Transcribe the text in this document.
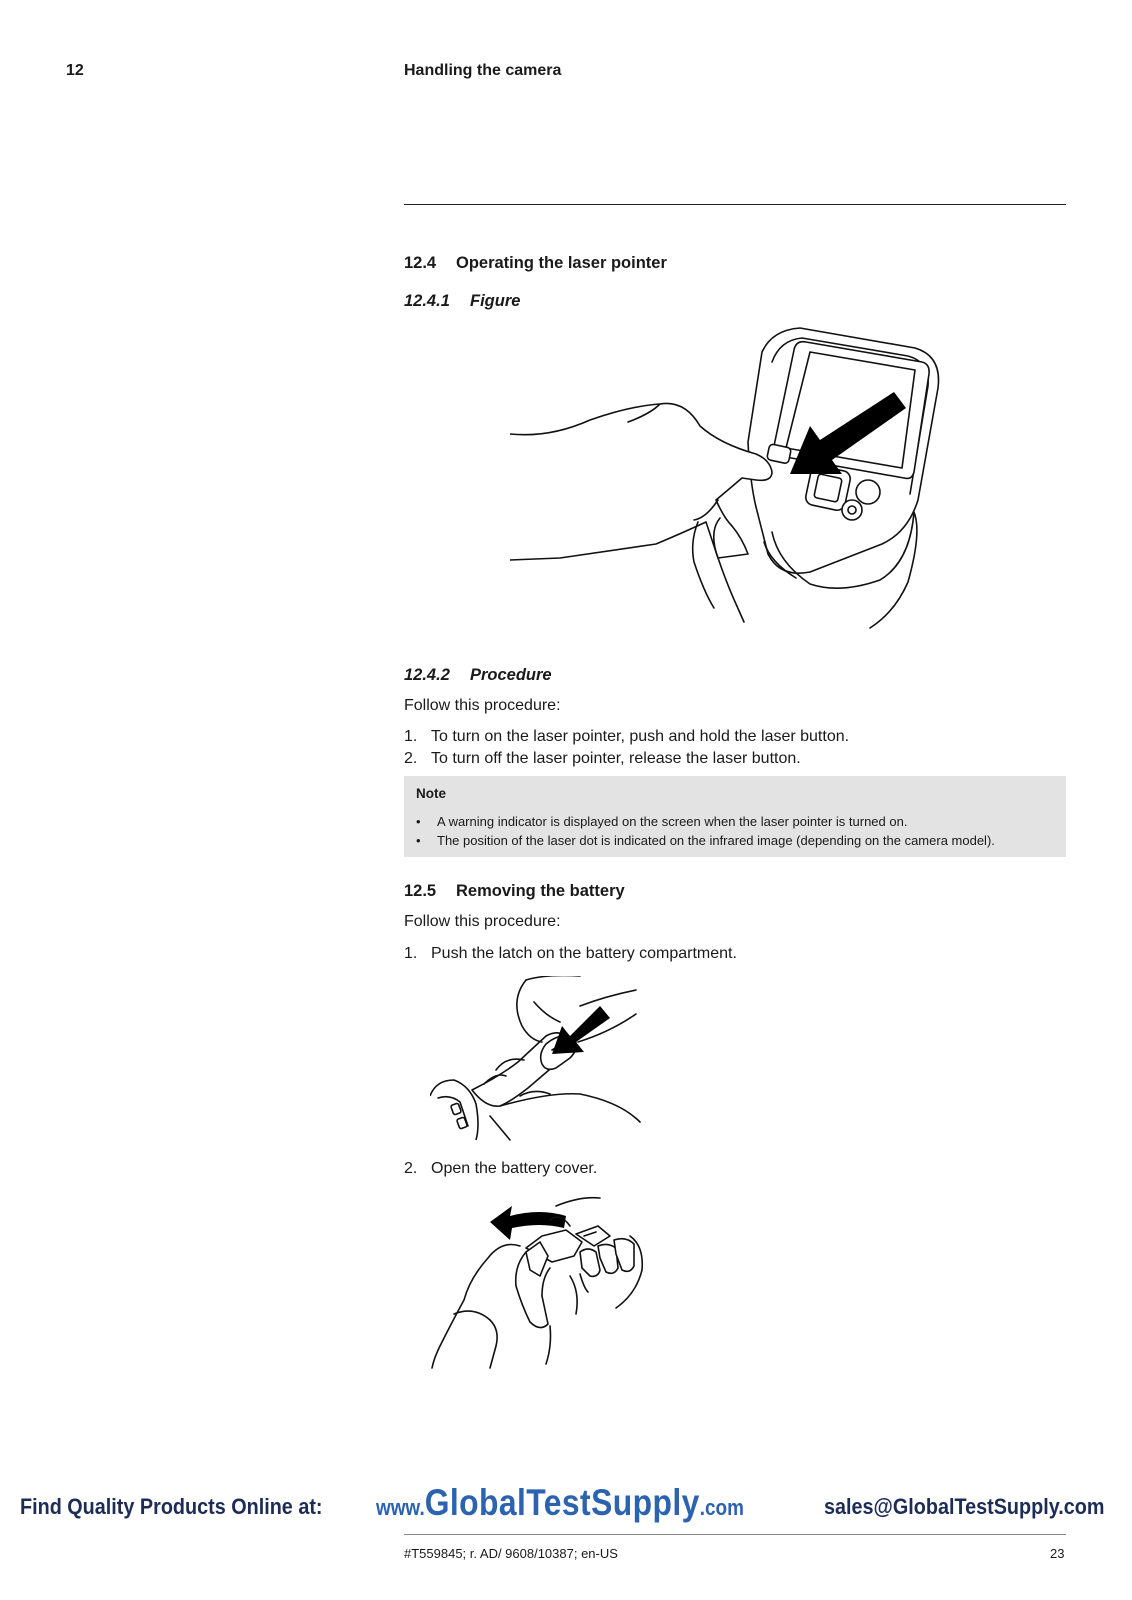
12	Handling the camera
12.4 Operating the laser pointer
12.4.1 Figure
12.4.2 Procedure
Follow this procedure:
1. To turn on the laser pointer, push and hold the laser button.
2. To turn off the laser pointer, release the laser button.
Note
•	A warning indicator is displayed on the screen when the laser pointer is turned on.
•	The position of the laser dot is indicated on the infrared image (depending on the camera model).
12.5 Removing the battery
Follow this procedure:
1. Push the latch on the battery compartment.
2. Open the battery cover.
Find Quality Products Online at: www.GlobalTestSupply.com	sales@GlobalTestSupply.com
#T559845; r. AD/ 9608/10387; en-US	23
